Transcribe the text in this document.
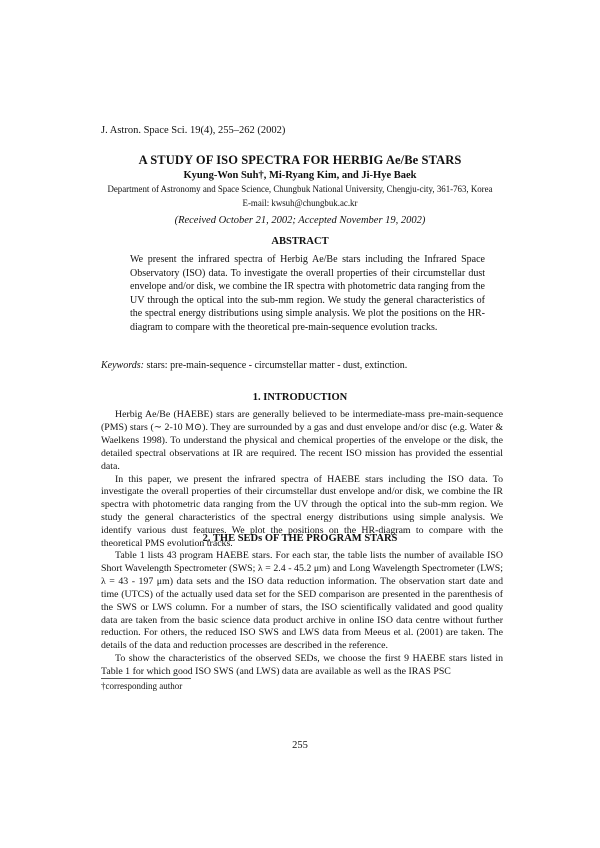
J. Astron. Space Sci. 19(4), 255–262 (2002)
A STUDY OF ISO SPECTRA FOR HERBIG Ae/Be STARS
Kyung-Won Suh†, Mi-Ryang Kim, and Ji-Hye Baek
Department of Astronomy and Space Science, Chungbuk National University, Chengju-city, 361-763, Korea
E-mail: kwsuh@chungbuk.ac.kr
(Received October 21, 2002; Accepted November 19, 2002)
ABSTRACT
We present the infrared spectra of Herbig Ae/Be stars including the Infrared Space Observatory (ISO) data. To investigate the overall properties of their circumstellar dust envelope and/or disk, we combine the IR spectra with photometric data ranging from the UV through the optical into the sub-mm region. We study the general characteristics of the spectral energy distributions using simple analysis. We plot the positions on the HR-diagram to compare with the theoretical pre-main-sequence evolution tracks.
Keywords: stars: pre-main-sequence - circumstellar matter - dust, extinction.
1. INTRODUCTION

Herbig Ae/Be (HAEBE) stars are generally believed to be intermediate-mass pre-main-sequence (PMS) stars (∼ 2-10 M⊙). They are surrounded by a gas and dust envelope and/or disc (e.g. Water & Waelkens 1998). To understand the physical and chemical properties of the envelope or the disk, the detailed spectral observations at IR are required. The recent ISO mission has provided the essential data.

In this paper, we present the infrared spectra of HAEBE stars including the ISO data. To investigate the overall properties of their circumstellar dust envelope and/or disk, we combine the IR spectra with photometric data ranging from the UV through the optical into the sub-mm region. We study the general characteristics of the spectral energy distributions using simple analysis. We identify various dust features. We plot the positions on the HR-diagram to compare with the theoretical PMS evolution tracks.

2. THE SEDs OF THE PROGRAM STARS

Table 1 lists 43 program HAEBE stars. For each star, the table lists the number of available ISO Short Wavelength Spectrometer (SWS; λ = 2.4 - 45.2 μm) and Long Wavelength Spectrometer (LWS; λ = 43 - 197 μm) data sets and the ISO data reduction information. The observation start date and time (UTCS) of the actually used data set for the SED comparison are presented in the parenthesis of the SWS or LWS column. For a number of stars, the ISO scientifically validated and good quality data are taken from the basic science data product archive in online ISO data centre without further reduction. For others, the reduced ISO SWS and LWS data from Meeus et al. (2001) are taken. The details of the data and reduction processes are described in the reference.

To show the characteristics of the observed SEDs, we choose the first 9 HAEBE stars listed in Table 1 for which good ISO SWS (and LWS) data are available as well as the IRAS PSC

†corresponding author
255
